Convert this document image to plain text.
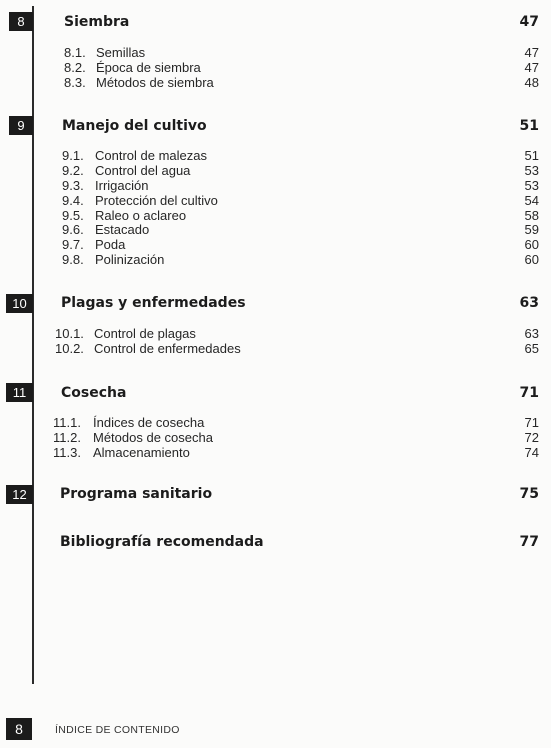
8	Siembra	47
8.1. Semillas	47
8.2. Época de siembra	47
8.3. Métodos de siembra	48
9	Manejo del cultivo	51
9.1. Control de malezas	51
9.2. Control del agua	53
9.3. Irrigación	53
9.4. Protección del cultivo	54
9.5. Raleo o aclareo	58
9.6. Estacado	59
9.7. Poda	60
9.8. Polinización	60
10	Plagas y enfermedades	63
10.1. Control de plagas	63
10.2. Control de enfermedades	65
11	Cosecha	71
11.1. Índices de cosecha	71
11.2. Métodos de cosecha	72
11.3. Almacenamiento	74
12	Programa sanitario	75
Bibliografía recomendada	77
8	ÍNDICE DE CONTENIDO
